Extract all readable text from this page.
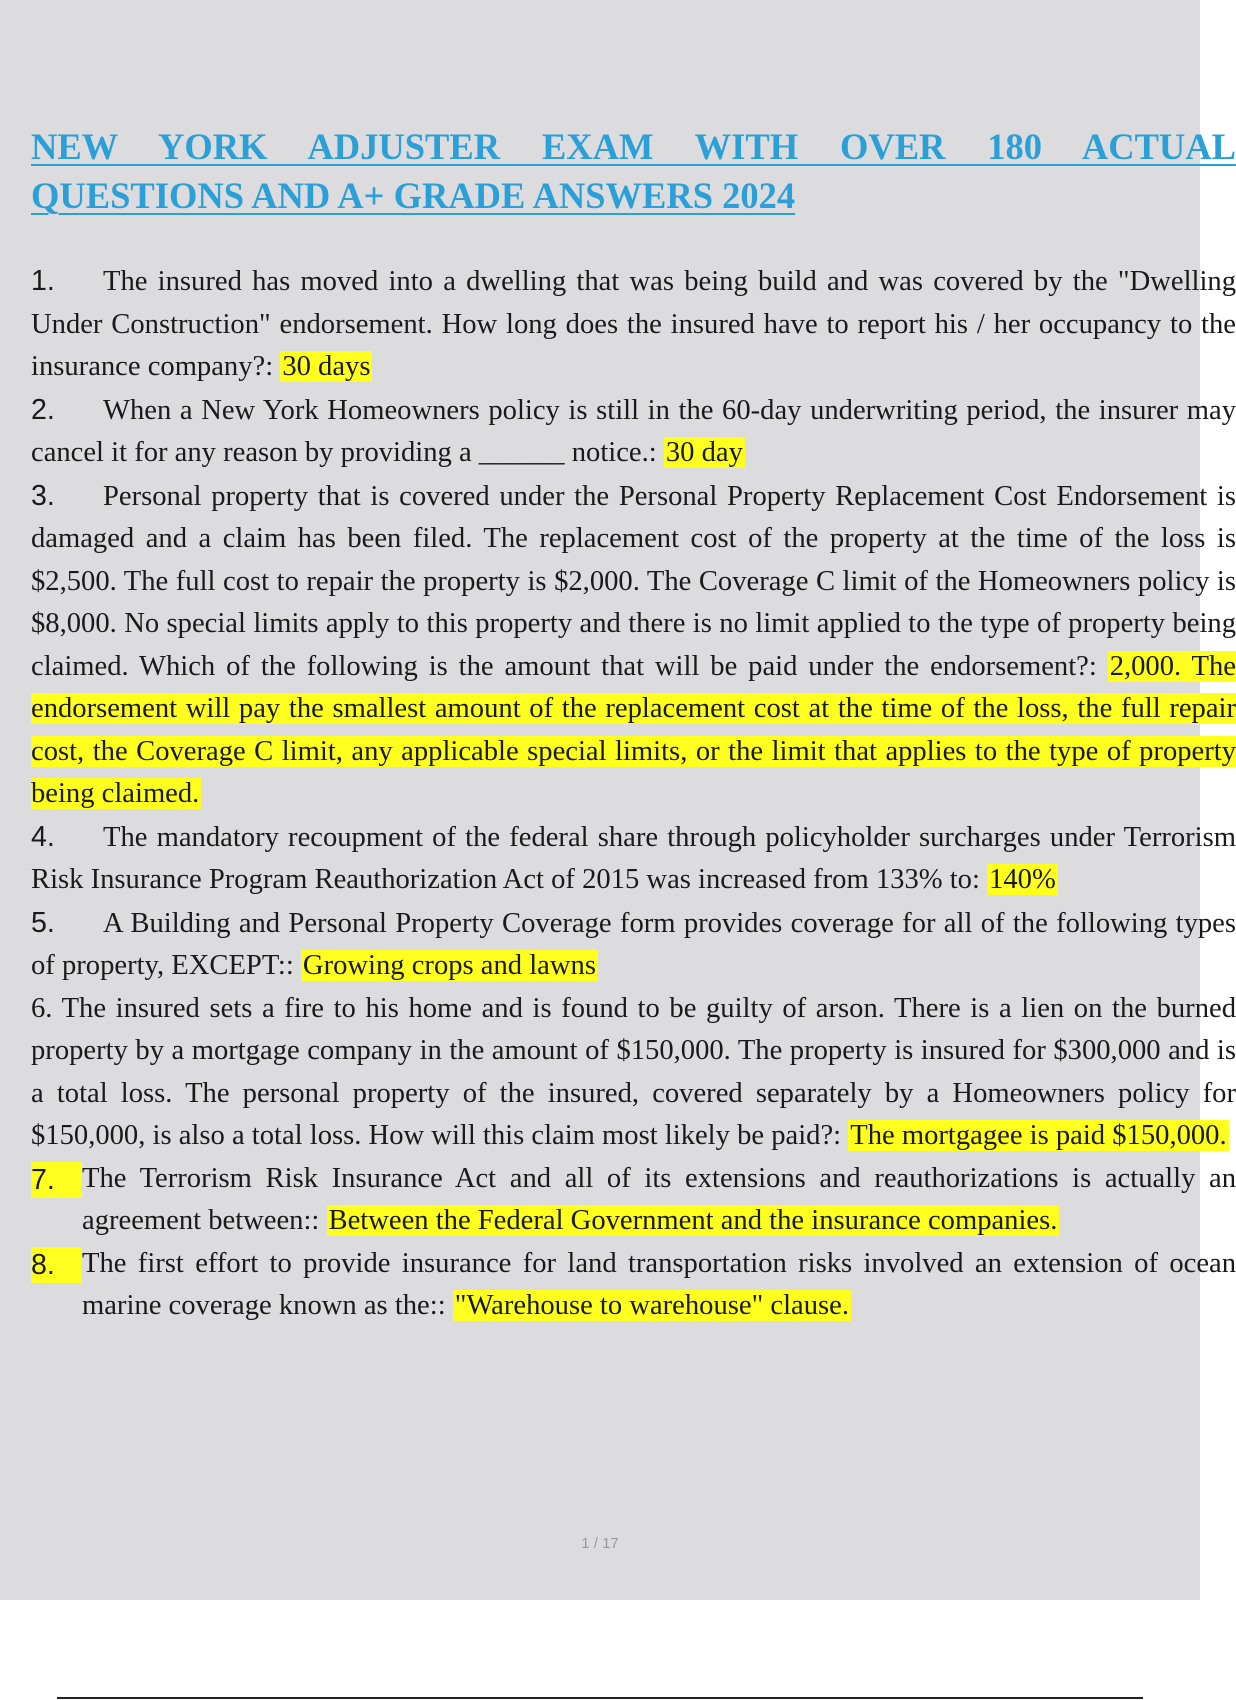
NEW YORK ADJUSTER EXAM WITH OVER 180 ACTUAL
QUESTIONS AND A+ GRADE ANSWERS 2024

1. The insured has moved into a dwelling that was being build and was covered by the "Dwelling Under Construction" endorsement. How long does the insured have to report his / her occupancy to the insurance company?: 30 days

2. When a New York Homeowners policy is still in the 60-day underwriting period, the insurer may cancel it for any reason by providing a ______ notice.: 30 day

3. Personal property that is covered under the Personal Property Replacement Cost Endorsement is damaged and a claim has been filed. The replacement cost of the property at the time of the loss is $2,500. The full cost to repair the property is $2,000. The Coverage C limit of the Homeowners policy is $8,000. No special limits apply to this property and there is no limit applied to the type of property being claimed. Which of the following is the amount that will be paid under the endorsement?: 2,000. The endorsement will pay the smallest amount of the replacement cost at the time of the loss, the full repair cost, the Coverage C limit, any applicable special limits, or the limit that applies to the type of property being claimed.

4. The mandatory recoupment of the federal share through policyholder surcharges under Terrorism Risk Insurance Program Reauthorization Act of 2015 was increased from 133% to: 140%

5. A Building and Personal Property Coverage form provides coverage for all of the following types of property, EXCEPT:: Growing crops and lawns

6. The insured sets a fire to his home and is found to be guilty of arson. There is a lien on the burned property by a mortgage company in the amount of $150,000. The property is insured for $300,000 and is a total loss. The personal property of the insured, covered separately by a Homeowners policy for $150,000, is also a total loss. How will this claim most likely be paid?: The mortgagee is paid $150,000.

7. The Terrorism Risk Insurance Act and all of its extensions and reauthorizations is actually an agreement between:: Between the Federal Government and the insurance companies.
8. The first effort to provide insurance for land transportation risks involved an extension of ocean marine coverage known as the:: "Warehouse to warehouse" clause.
1 / 17
